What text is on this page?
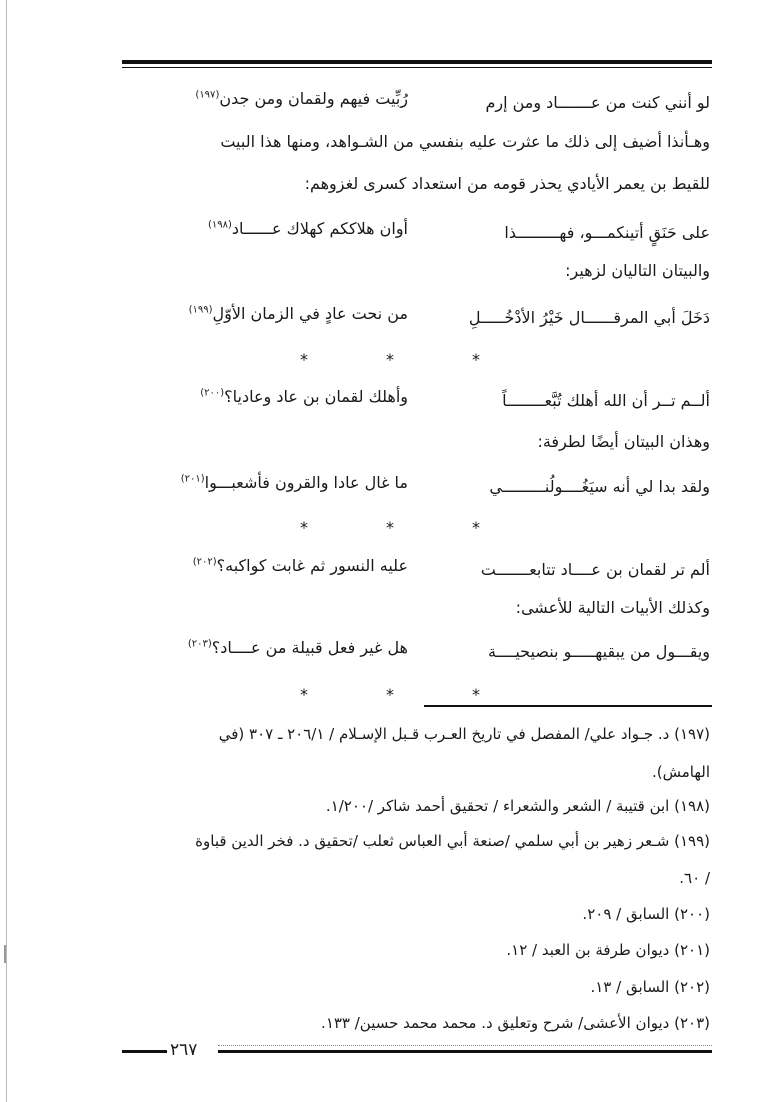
لو أنني كنت من عـــــــاد ومن إرم
رُبِّيت فيهم ولقمان ومن جدن$^{(١٩٧)}$
وهـأنذا أضيف إلى ذلك ما عثرت عليه بنفسي من الشـواهد، ومنها هذا البيت
للقيط بن يعمر الأيادي يحذر قومه من استعداد كسرى لغزوهم:
على حَنَقٍ أتينكمـــو، فهـــــــــذا
أوان هلاككم كهلاك عــــــاد$^{(١٩٨)}$
والبيتان التاليان لزهير:
دَخَلَ أبي المرقــــــال خَيْرُ الأدْخُـــــلِ
من نحت عادٍ في الزمان الأوّلِ$^{(١٩٩)}$
*	*	*
ألــم تــر أن الله أهلك تُبَّعــــــــاً
وأهلك لقمان بن عاد وعاديا؟$^{(٢٠٠)}$
وهذان البيتان أيضًا لطرفة:
ولقد بدا لي أنه سيَغُــــولُنـــــــــي
ما غال عادا والقرون فأشعبـــوا$^{(٢٠١)}$
*	*	*
ألم تر لقمان بن عــــاد تتابعـــــــت
عليه النسور ثم غابت كواكبه؟$^{(٢٠٢)}$
وكذلك الأبيات التالية للأعشى:
ويقـــول من يبقيهـــــو بنصيحيــــة
هل غير فعل قبيلة من عــــاد؟$^{(٢٠٣)}$
*	*	*
(١٩٧) د. جـواد علي/ المفصل في تاريخ العـرب قـبل الإسـلام / ٢٠٦/١ ـ ٣٠٧ (في
الهامش).
(١٩٨) ابن قتيبة / الشعر والشعراء / تحقيق أحمد شاكر /١/٢٠٠.
(١٩٩) شـعر زهير بن أبي سلمي /صنعة أبي العباس ثعلب /تحقيق د. فخر الدين قباوة
/ ٦٠.
(٢٠٠) السابق / ٢٠٩.
(٢٠١) ديوان طرفة بن العبد / ١٢.
(٢٠٢) السابق / ١٣.
(٢٠٣) ديوان الأعشى/ شرح وتعليق د. محمد محمد حسين/ ١٣٣.
٢٦٧
